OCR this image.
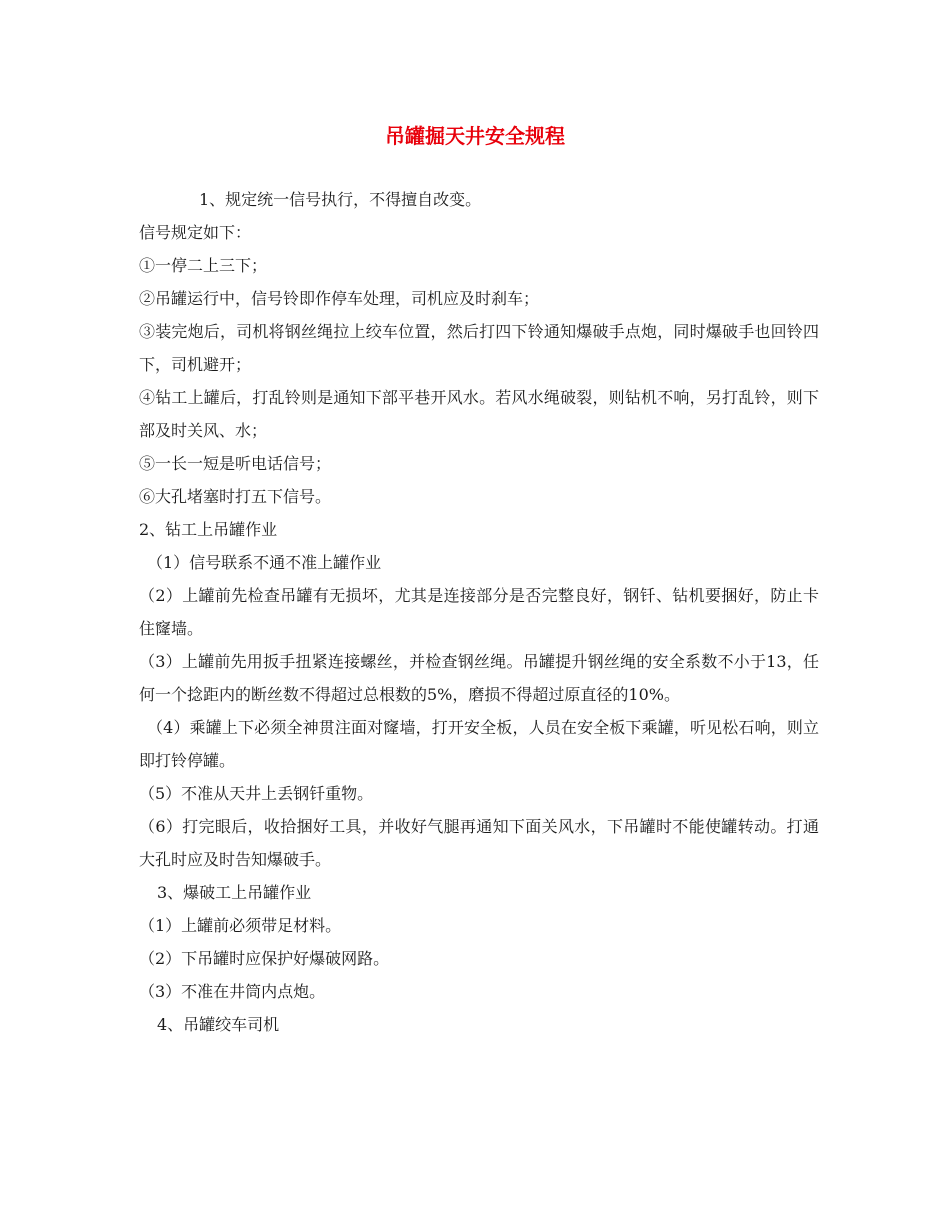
吊罐掘天井安全规程
1、规定统一信号执行，不得擅自改变。
信号规定如下：
①一停二上三下；
②吊罐运行中，信号铃即作停车处理，司机应及时刹车；
③装完炮后，司机将钢丝绳拉上绞车位置，然后打四下铃通知爆破手点炮，同时爆破手也回铃四下，司机避开；
④钻工上罐后，打乱铃则是通知下部平巷开风水。若风水绳破裂，则钻机不响，另打乱铃，则下部及时关风、水；
⑤一长一短是听电话信号；
⑥大孔堵塞时打五下信号。
2、钻工上吊罐作业
（1）信号联系不通不准上罐作业
（2）上罐前先检查吊罐有无损坏，尤其是连接部分是否完整良好，钢钎、钻机要捆好，防止卡住窿墙。
（3）上罐前先用扳手扭紧连接螺丝，并检查钢丝绳。吊罐提升钢丝绳的安全系数不小于13，任何一个捻距内的断丝数不得超过总根数的5%，磨损不得超过原直径的10%。
（4）乘罐上下必须全神贯注面对窿墙，打开安全板，人员在安全板下乘罐，听见松石响，则立即打铃停罐。
（5）不准从天井上丢钢钎重物。
（6）打完眼后，收拾捆好工具，并收好气腿再通知下面关风水，下吊罐时不能使罐转动。打通大孔时应及时告知爆破手。
3、爆破工上吊罐作业
（1）上罐前必须带足材料。
（2）下吊罐时应保护好爆破网路。
（3）不准在井筒内点炮。
4、吊罐绞车司机
